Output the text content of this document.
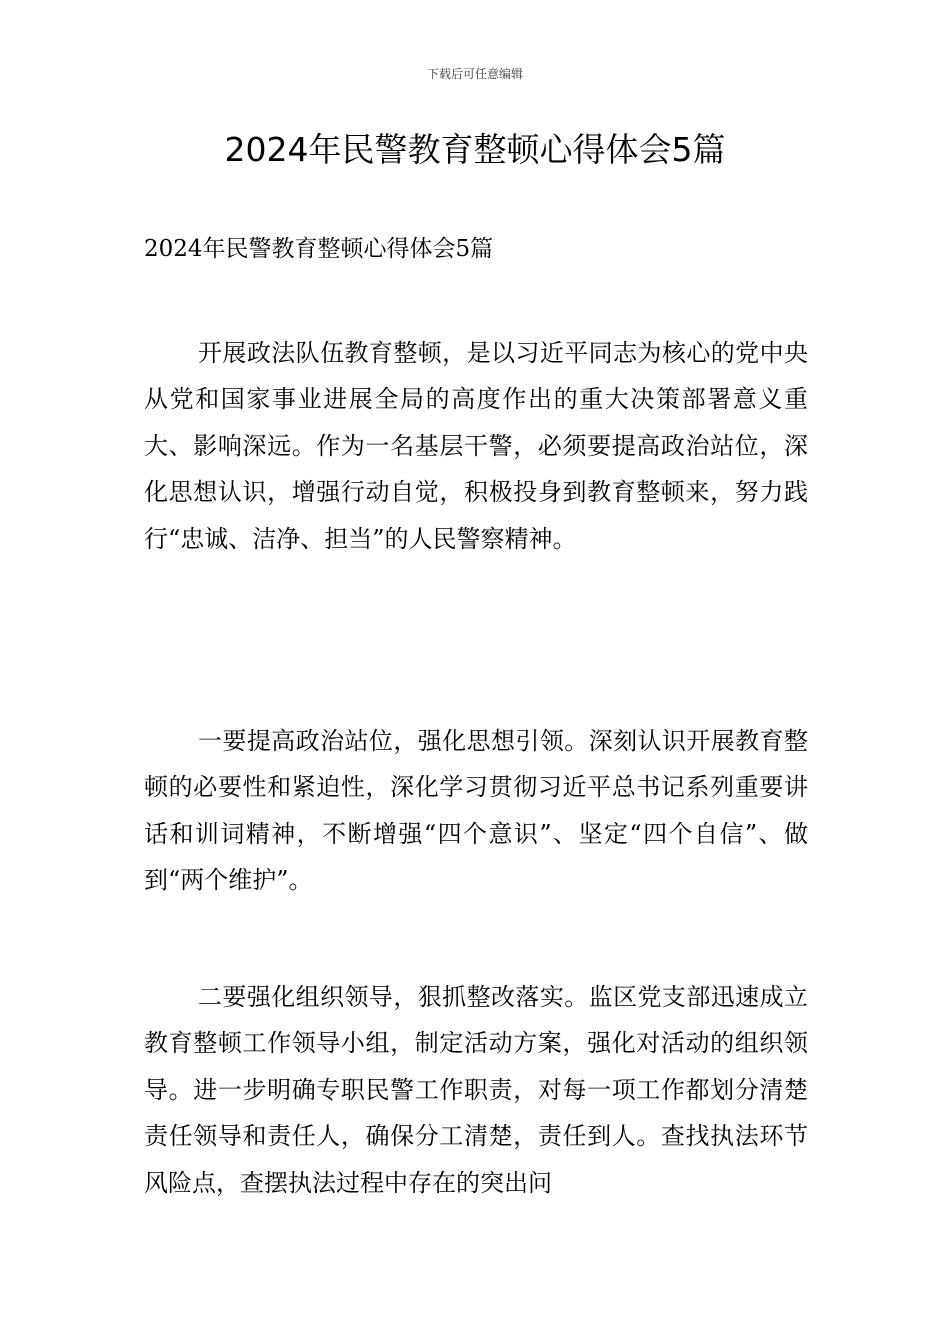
下载后可任意编辑
2024年民警教育整顿心得体会5篇

2024年民警教育整顿心得体会5篇

开展政法队伍教育整顿，是以习近平同志为核心的党中央从党和国家事业进展全局的高度作出的重大决策部署意义重大、影响深远。作为一名基层干警，必须要提高政治站位，深化思想认识，增强行动自觉，积极投身到教育整顿来，努力践行“忠诚、洁净、担当”的人民警察精神。

一要提高政治站位，强化思想引领。深刻认识开展教育整顿的必要性和紧迫性，深化学习贯彻习近平总书记系列重要讲话和训词精神，不断增强“四个意识”、坚定“四个自信”、做到“两个维护”。

二要强化组织领导，狠抓整改落实。监区党支部迅速成立教育整顿工作领导小组，制定活动方案，强化对活动的组织领导。进一步明确专职民警工作职责，对每一项工作都划分清楚责任领导和责任人，确保分工清楚，责任到人。查找执法环节风险点，查摆执法过程中存在的突出问
